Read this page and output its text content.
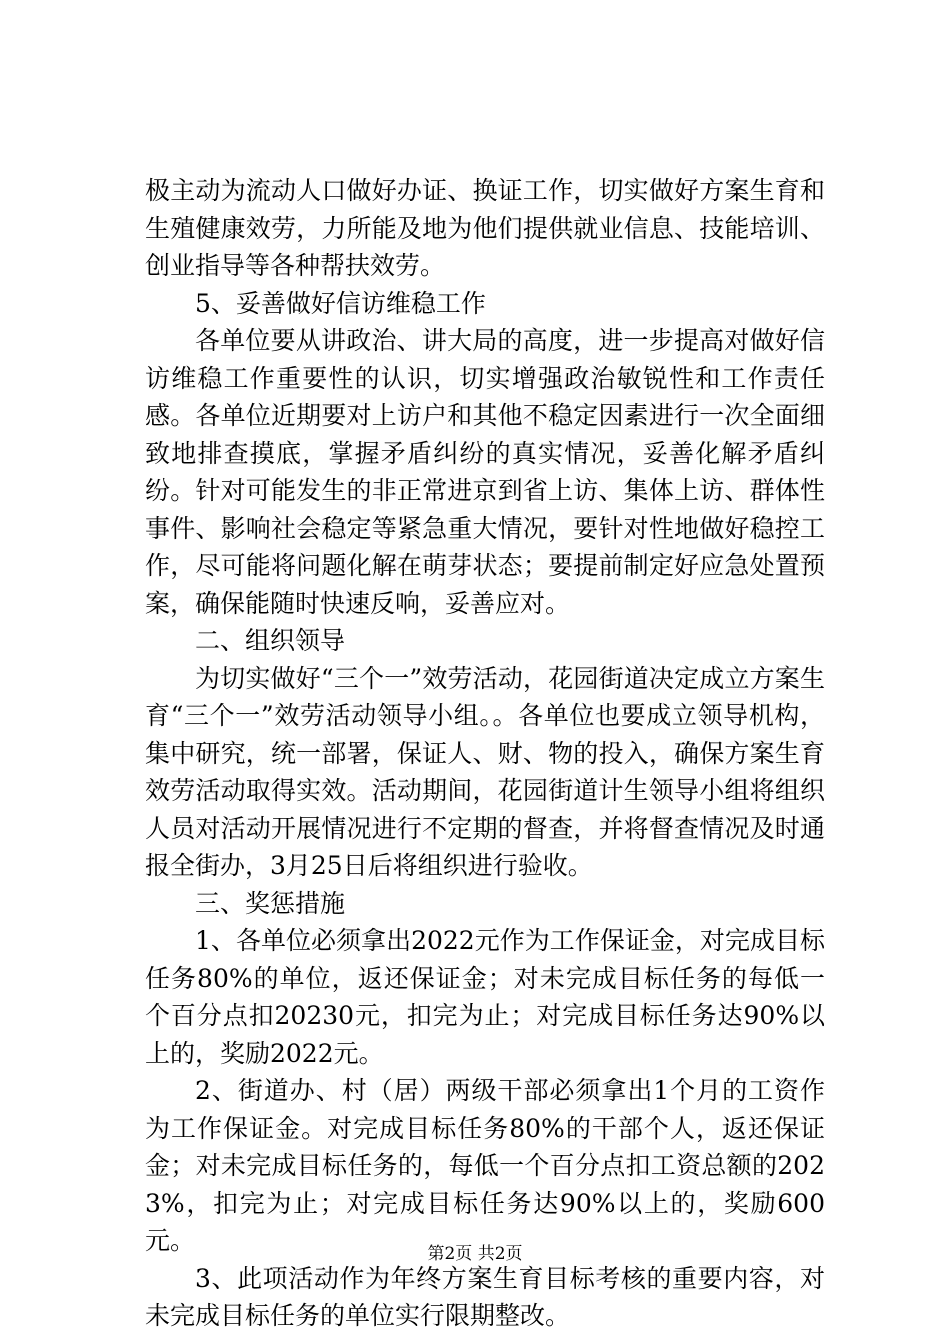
极主动为流动人口做好办证、换证工作，切实做好方案生育和生殖健康效劳，力所能及地为他们提供就业信息、技能培训、创业指导等各种帮扶效劳。

5、妥善做好信访维稳工作

各单位要从讲政治、讲大局的高度，进一步提高对做好信访维稳工作重要性的认识，切实增强政治敏锐性和工作责任感。各单位近期要对上访户和其他不稳定因素进行一次全面细致地排查摸底，掌握矛盾纠纷的真实情况，妥善化解矛盾纠纷。针对可能发生的非正常进京到省上访、集体上访、群体性事件、影响社会稳定等紧急重大情况，要针对性地做好稳控工作，尽可能将问题化解在萌芽状态；要提前制定好应急处置预案，确保能随时快速反响，妥善应对。

二、组织领导

为切实做好“三个一”效劳活动，花园街道决定成立方案生育“三个一”效劳活动领导小组。。各单位也要成立领导机构，集中研究，统一部署，保证人、财、物的投入，确保方案生育效劳活动取得实效。活动期间，花园街道计生领导小组将组织人员对活动开展情况进行不定期的督查，并将督查情况及时通报全街办，3月25日后将组织进行验收。

三、奖惩措施

1、各单位必须拿出2022元作为工作保证金，对完成目标任务80%的单位，返还保证金；对未完成目标任务的每低一个百分点扣20230元，扣完为止；对完成目标任务达90%以上的，奖励2022元。

2、街道办、村（居）两级干部必须拿出1个月的工资作为工作保证金。对完成目标任务80%的干部个人，返还保证金；对未完成目标任务的，每低一个百分点扣工资总额的2023%，扣完为止；对完成目标任务达90%以上的，奖励600元。

3、此项活动作为年终方案生育目标考核的重要内容，对未完成目标任务的单位实行限期整改。

第2页 共2页
